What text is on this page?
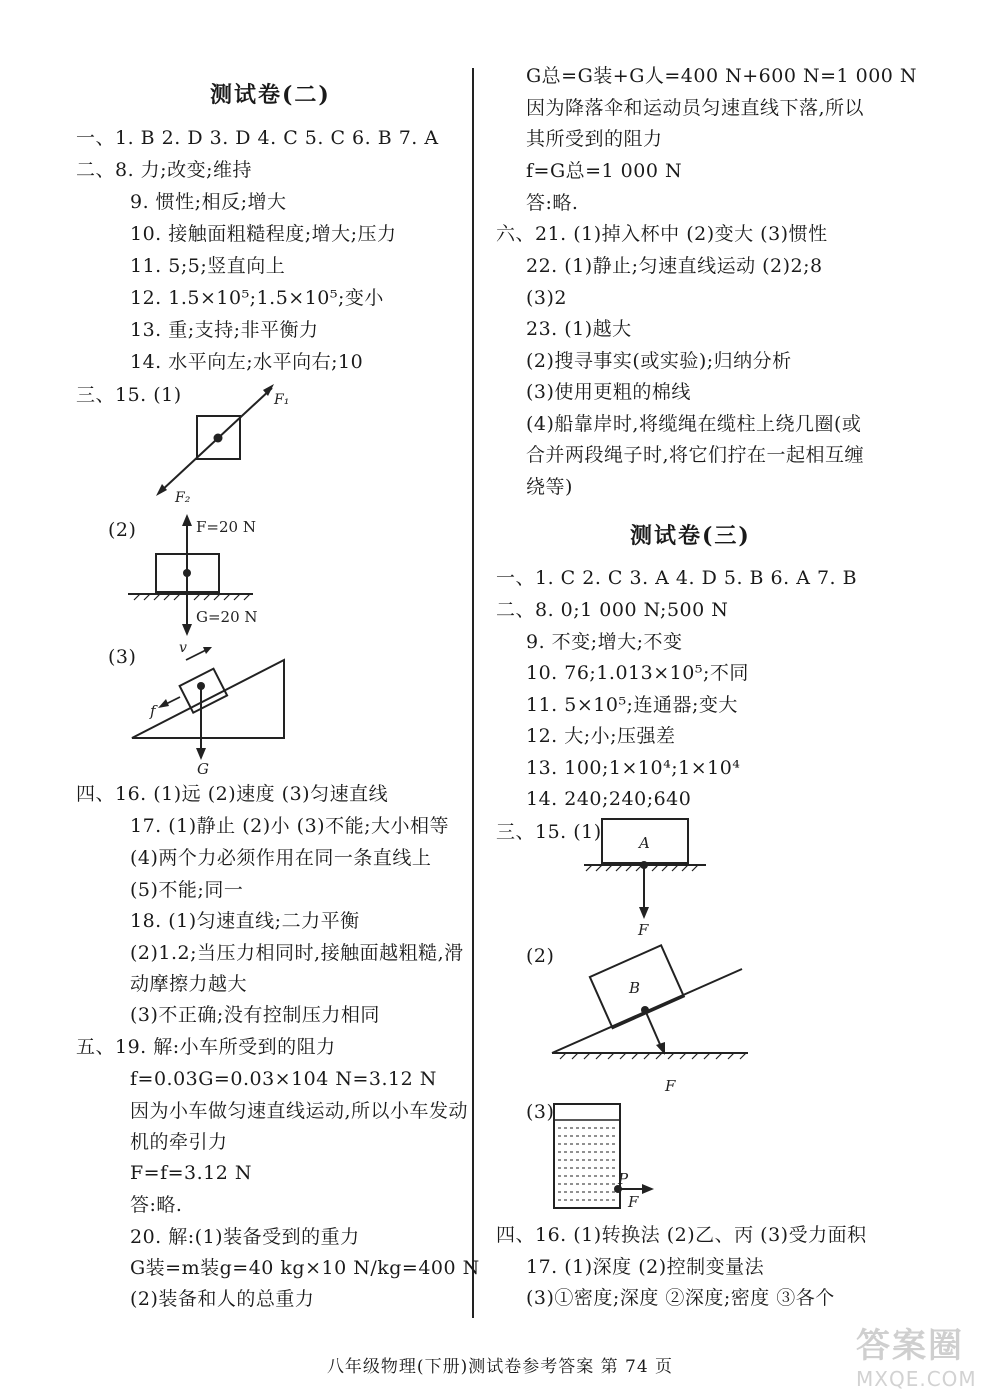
测试卷(二)
一、1. B 2. D 3. D 4. C 5. C 6. B 7. A
二、8. 力;改变;维持
9. 惯性;相反;增大
10. 接触面粗糙程度;增大;压力
11. 5;5;竖直向上
12. 1.5×10⁵;1.5×10⁵;变小
13. 重;支持;非平衡力
14. 水平向左;水平向右;10
三、15. (1)	F₁
F₂
(2)	F=20 N
G=20 N
(3)	v
f
G
四、16. (1)远 (2)速度 (3)匀速直线
17. (1)静止 (2)小 (3)不能;大小相等
(4)两个力必须作用在同一条直线上
(5)不能;同一
18. (1)匀速直线;二力平衡
(2)1.2;当压力相同时,接触面越粗糙,滑
动摩擦力越大
(3)不正确;没有控制压力相同
五、19. 解:小车所受到的阻力
f=0.03G=0.03×104 N=3.12 N
因为小车做匀速直线运动,所以小车发动
机的牵引力
F=f=3.12 N
答:略.
20. 解:(1)装备受到的重力
G装=m装g=40 kg×10 N/kg=400 N
(2)装备和人的总重力
G总=G装+G人=400 N+600 N=1 000 N
因为降落伞和运动员匀速直线下落,所以
其所受到的阻力
f=G总=1 000 N
答:略.
六、21. (1)掉入杯中 (2)变大 (3)惯性
22. (1)静止;匀速直线运动 (2)2;8
(3)2
23. (1)越大
(2)搜寻事实(或实验);归纳分析
(3)使用更粗的棉线
(4)船靠岸时,将缆绳在缆柱上绕几圈(或
合并两段绳子时,将它们拧在一起相互缠
绕等)
测试卷(三)
一、1. C 2. C 3. A 4. D 5. B 6. A 7. B
二、8. 0;1 000 N;500 N
9. 不变;增大;不变
10. 76;1.013×10⁵;不同
11. 5×10⁵;连通器;变大
12. 大;小;压强差
13. 100;1×10⁴;1×10⁴
14. 240;240;640
三、15. (1) A
F
(2)
B
F
(3)
P
F
四、16. (1)转换法 (2)乙、丙 (3)受力面积
17. (1)深度 (2)控制变量法
(3)①密度;深度 ②深度;密度 ③各个
八年级物理(下册)测试卷参考答案 第 74 页
答案圈
MXQE.COM
